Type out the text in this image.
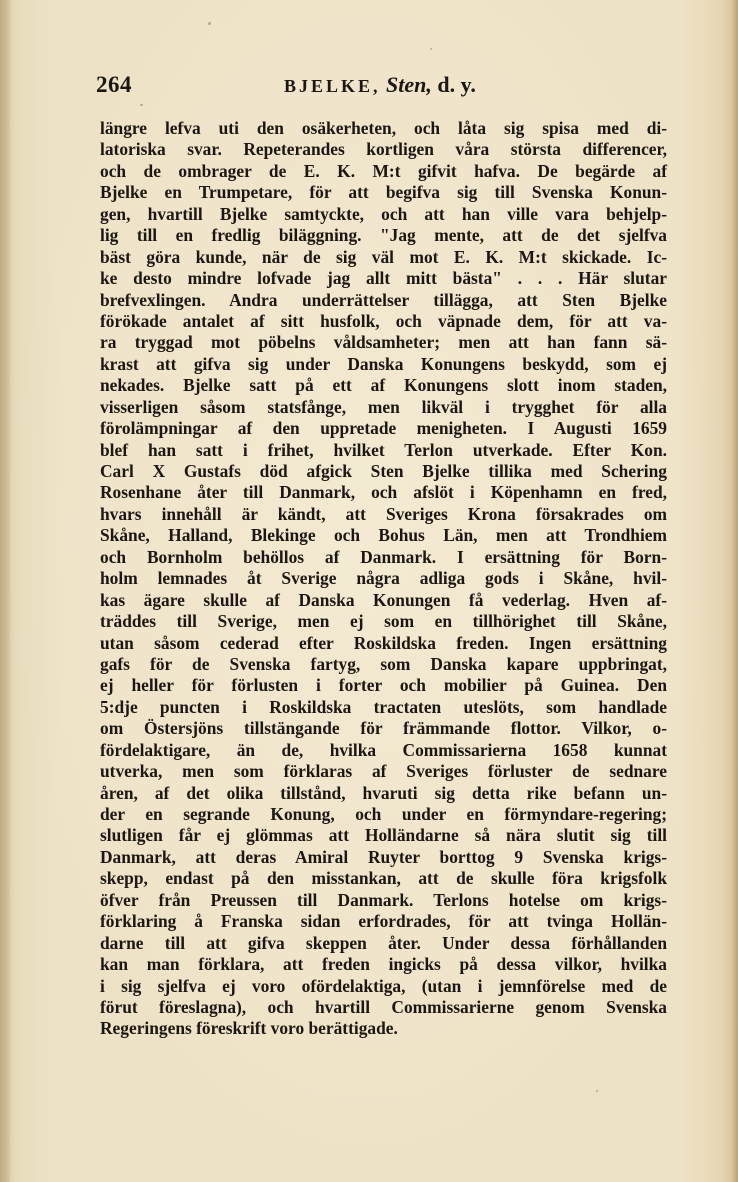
264	BJELKE, Sten, d. y.
längre lefva uti den osäkerheten, och låta sig spisa med di-
latoriska svar. Repeterandes kortligen våra största differencer,
och de ombrager de E. K. M:t gifvit hafva. De begärde af
Bjelke en Trumpetare, för att begifva sig till Svenska Konun-
gen, hvartill Bjelke samtyckte, och att han ville vara behjelp-
lig till en fredlig biläggning. "Jag mente, att de det sjelfva
bäst göra kunde, när de sig väl mot E. K. M:t skickade. Ic-
ke desto mindre lofvade jag allt mitt bästa" . . . Här slutar
brefvexlingen. Andra underrättelser tillägga, att Sten Bjelke
förökade antalet af sitt husfolk, och väpnade dem, för att va-
ra tryggad mot pöbelns våldsamheter; men att han fann sä-
krast att gifva sig under Danska Konungens beskydd, som ej
nekades. Bjelke satt på ett af Konungens slott inom staden,
visserligen såsom statsfånge, men likväl i trygghet för alla
förolämpningar af den uppretade menigheten. I Augusti 1659
blef han satt i frihet, hvilket Terlon utverkade. Efter Kon.
Carl X Gustafs död afgick Sten Bjelke tillika med Schering
Rosenhane åter till Danmark, och afslöt i Köpenhamn en fred,
hvars innehåll är kändt, att Sveriges Krona försakrades om
Skåne, Halland, Blekinge och Bohus Län, men att Trondhiem
och Bornholm behöllos af Danmark. I ersättning för Born-
holm lemnades åt Sverige några adliga gods i Skåne, hvil-
kas ägare skulle af Danska Konungen få vederlag. Hven af-
träddes till Sverige, men ej som en tillhörighet till Skåne,
utan såsom cederad efter Roskildska freden. Ingen ersättning
gafs för de Svenska fartyg, som Danska kapare uppbringat,
ej heller för förlusten i forter och mobilier på Guinea. Den
5:dje puncten i Roskildska tractaten uteslöts, som handlade
om Östersjöns tillstängande för främmande flottor. Vilkor, o-
fördelaktigare, än de, hvilka Commissarierna 1658 kunnat
utverka, men som förklaras af Sveriges förluster de sednare
åren, af det olika tillstånd, hvaruti sig detta rike befann un-
der en segrande Konung, och under en förmyndare-regering;
slutligen får ej glömmas att Holländarne så nära slutit sig till
Danmark, att deras Amiral Ruyter borttog 9 Svenska krigs-
skepp, endast på den misstankan, att de skulle föra krigsfolk
öfver från Preussen till Danmark. Terlons hotelse om krigs-
förklaring å Franska sidan erfordrades, för att tvinga Hollän-
darne till att gifva skeppen åter. Under dessa förhållanden
kan man förklara, att freden ingicks på dessa vilkor, hvilka
i sig sjelfva ej voro ofördelaktiga, (utan i jemnförelse med de
förut föreslagna), och hvartill Commissarierne genom Svenska
Regeringens föreskrift voro berättigade.
